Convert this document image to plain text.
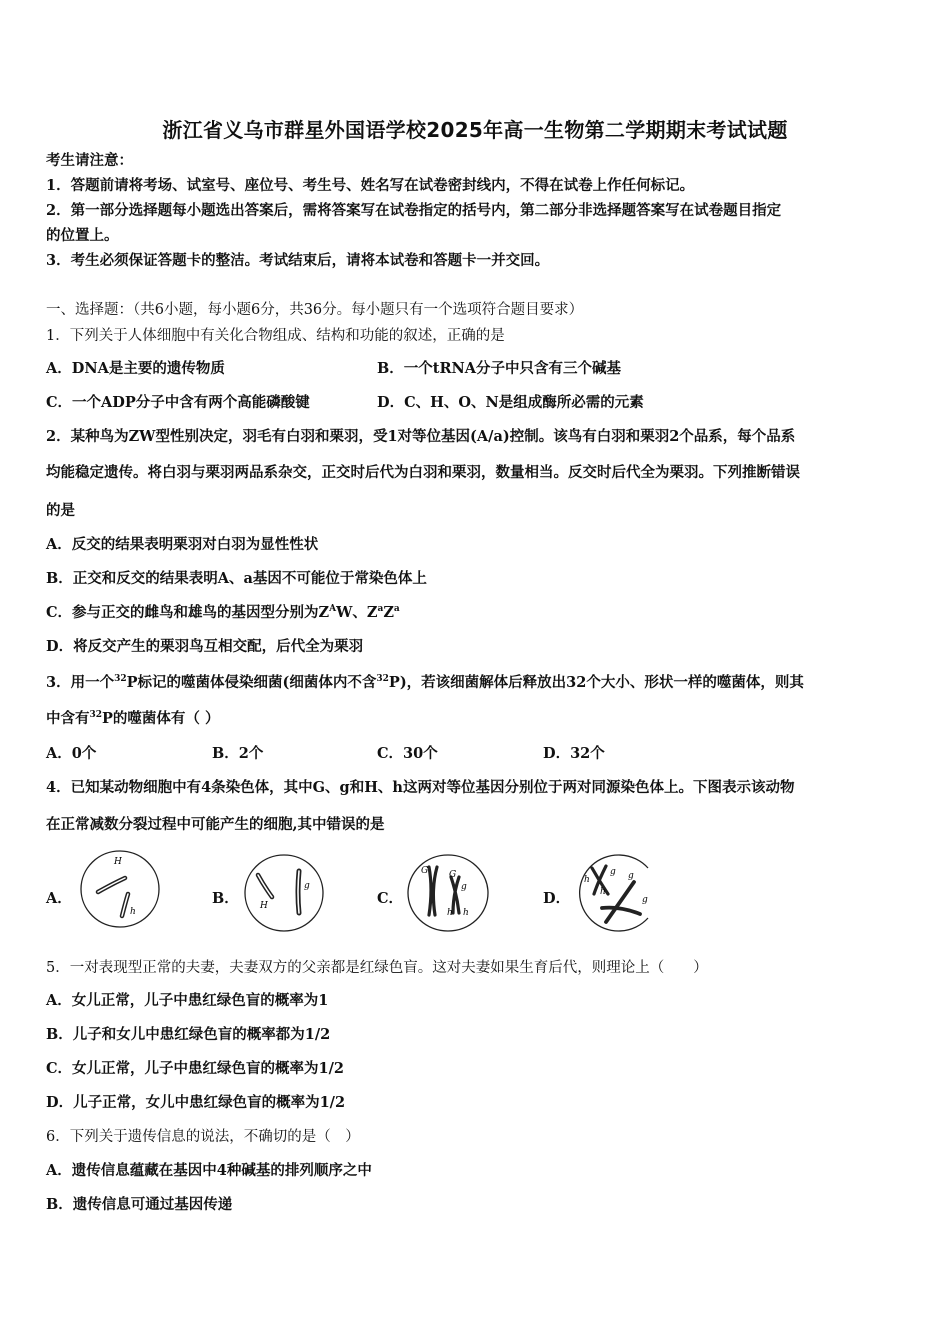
浙江省义乌市群星外国语学校2025年高一生物第二学期期末考试试题
考生请注意：
1．答题前请将考场、试室号、座位号、考生号、姓名写在试卷密封线内，不得在试卷上作任何标记。
2．第一部分选择题每小题选出答案后，需将答案写在试卷指定的括号内，第二部分非选择题答案写在试卷题目指定
的位置上。
3．考生必须保证答题卡的整洁。考试结束后，请将本试卷和答题卡一并交回。
一、选择题：（共6小题，每小题6分，共36分。每小题只有一个选项符合题目要求）
1．下列关于人体细胞中有关化合物组成、结构和功能的叙述，正确的是
A．DNA是主要的遗传物质	B．一个tRNA分子中只含有三个碱基
C．一个ADP分子中含有两个高能磷酸键	D．C、H、O、N是组成酶所必需的元素
2．某种鸟为ZW型性别决定，羽毛有白羽和栗羽，受1对等位基因(A/a)控制。该鸟有白羽和栗羽2个品系，每个品系
均能稳定遗传。将白羽与栗羽两品系杂交，正交时后代为白羽和栗羽，数量相当。反交时后代全为栗羽。下列推断错误
的是
A．反交的结果表明栗羽对白羽为显性性状
B．正交和反交的结果表明A、a基因不可能位于常染色体上
C．参与正交的雌鸟和雄鸟的基因型分别为$Z^AW$、$Z^aZ^a$
D．将反交产生的栗羽鸟互相交配，后代全为栗羽
3．用一个$^{32}$P标记的噬菌体侵染细菌(细菌体内不含$^{32}$P)，若该细菌解体后释放出32个大小、形状一样的噬菌体，则其
中含有$^{32}$P的噬菌体有（ ）
A．0个	B．2个	C．30个	D．32个
4．已知某动物细胞中有4条染色体，其中G、g和H、h这两对等位基因分别位于两对同源染色体上。下图表示该动物
在正常减数分裂过程中可能产生的细胞,其中错误的是
A．	B．	C．	D．
H
h
H
g
G G
g
h h
h
g
h
g
g
5．一对表现型正常的夫妻，夫妻双方的父亲都是红绿色盲。这对夫妻如果生育后代，则理论上（　　）
A．女儿正常，儿子中患红绿色盲的概率为1
B．儿子和女儿中患红绿色盲的概率都为1/2
C．女儿正常，儿子中患红绿色盲的概率为1/2
D．儿子正常，女儿中患红绿色盲的概率为1/2
6．下列关于遗传信息的说法，不确切的是（　）
A．遗传信息蕴藏在基因中4种碱基的排列顺序之中
B．遗传信息可通过基因传递
